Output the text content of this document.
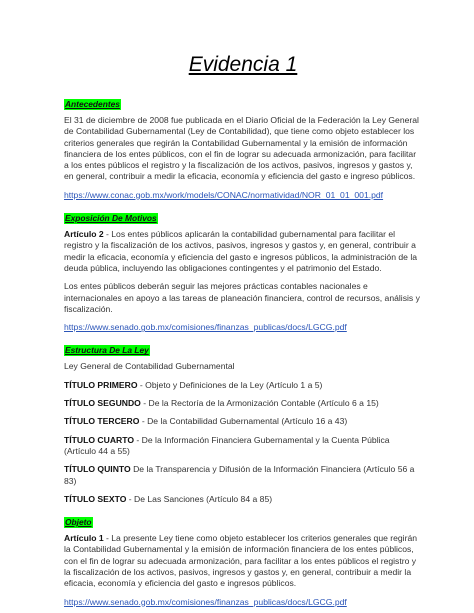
Evidencia 1
Antecedentes

El 31 de diciembre de 2008 fue publicada en el Diario Oficial de la Federación la Ley General de Contabilidad Gubernamental (Ley de Contabilidad), que tiene como objeto establecer los criterios generales que regirán la Contabilidad Gubernamental y la emisión de información financiera de los entes públicos, con el fin de lograr su adecuada armonización, para facilitar a los entes públicos el registro y la fiscalización de los activos, pasivos, ingresos y gastos y, en general, contribuir a medir la eficacia, economía y eficiencia del gasto e ingreso públicos.

https://www.conac.gob.mx/work/models/CONAC/normatividad/NOR_01_01_001.pdf
Exposición De Motivos

Artículo 2 - Los entes públicos aplicarán la contabilidad gubernamental para facilitar el registro y la fiscalización de los activos, pasivos, ingresos y gastos y, en general, contribuir a medir la eficacia, economía y eficiencia del gasto e ingresos públicos, la administración de la deuda pública, incluyendo las obligaciones contingentes y el patrimonio del Estado.

Los entes públicos deberán seguir las mejores prácticas contables nacionales e internacionales en apoyo a las tareas de planeación financiera, control de recursos, análisis y fiscalización.

https://www.senado.gob.mx/comisiones/finanzas_publicas/docs/LGCG.pdf
Estructura De La Ley

Ley General de Contabilidad Gubernamental

TÍTULO PRIMERO - Objeto y Definiciones de la Ley (Artículo 1 a 5)

TÍTULO SEGUNDO - De la Rectoría de la Armonización Contable (Artículo 6 a 15)

TÍTULO TERCERO - De la Contabilidad Gubernamental (Artículo 16 a 43)

TÍTULO CUARTO - De la Información Financiera Gubernamental y la Cuenta Pública (Artículo 44 a 55)

TÍTULO QUINTO De la Transparencia y Difusión de la Información Financiera (Artículo 56 a 83)

TÍTULO SEXTO - De Las Sanciones (Artículo 84 a 85)

Objeto

Artículo 1 - La presente Ley tiene como objeto establecer los criterios generales que regirán la Contabilidad Gubernamental y la emisión de información financiera de los entes públicos, con el fin de lograr su adecuada armonización, para facilitar a los entes públicos el registro y la fiscalización de los activos, pasivos, ingresos y gastos y, en general, contribuir a medir la eficacia, economía y eficiencia del gasto e ingresos públicos.

https://www.senado.gob.mx/comisiones/finanzas_publicas/docs/LGCG.pdf
